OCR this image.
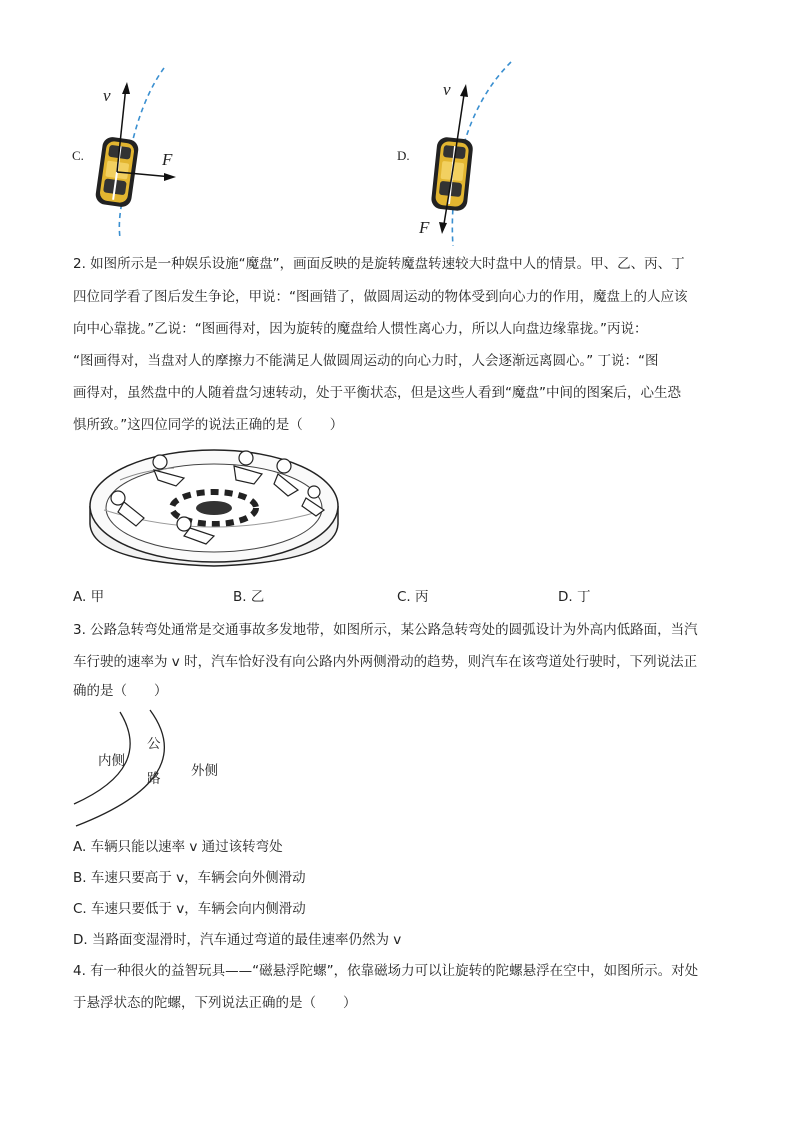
C.
v
F	D.
v
F
2. 如图所示是一种娱乐设施“魔盘”，画面反映的是旋转魔盘转速较大时盘中人的情景。甲、乙、丙、丁
四位同学看了图后发生争论，甲说：“图画错了，做圆周运动的物体受到向心力的作用，魔盘上的人应该
向中心靠拢。”乙说：“图画得对，因为旋转的魔盘给人惯性离心力，所以人向盘边缘靠拢。”丙说：
“图画得对，当盘对人的摩擦力不能满足人做圆周运动的向心力时，人会逐渐远离圆心。” 丁说：“图
画得对，虽然盘中的人随着盘匀速转动，处于平衡状态，但是这些人看到“魔盘”中间的图案后，心生恐
惧所致。”这四位同学的说法正确的是（　　）
A. 甲	B. 乙	C. 丙	D. 丁
3. 公路急转弯处通常是交通事故多发地带，如图所示，某公路急转弯处的圆弧设计为外高内低路面，当汽
车行驶的速率为 v 时，汽车恰好没有向公路内外两侧滑动的趋势，则汽车在该弯道处行驶时，下列说法正
确的是（　　）
内侧
公
路 外侧
A. 车辆只能以速率 v 通过该转弯处
B. 车速只要高于 v，车辆会向外侧滑动
C. 车速只要低于 v，车辆会向内侧滑动
D. 当路面变湿滑时，汽车通过弯道的最佳速率仍然为 v
4. 有一种很火的益智玩具——“磁悬浮陀螺”，依靠磁场力可以让旋转的陀螺悬浮在空中，如图所示。对处
于悬浮状态的陀螺，下列说法正确的是（　　）
